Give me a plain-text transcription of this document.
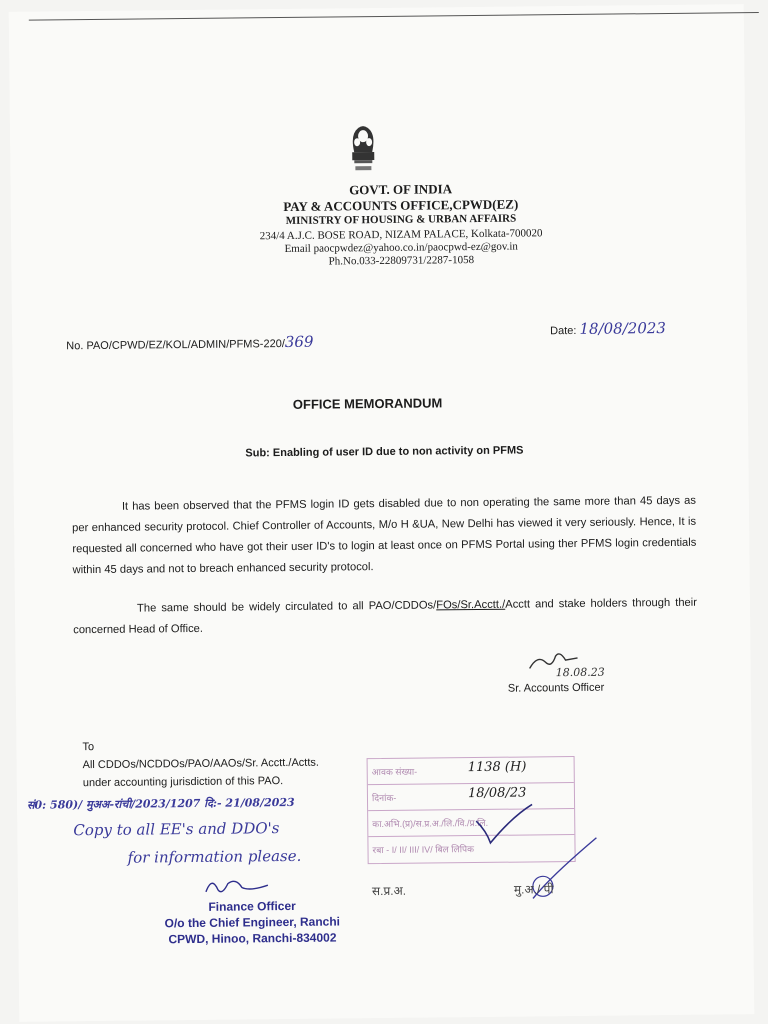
GOVT. OF INDIA
PAY & ACCOUNTS OFFICE,CPWD(EZ)
MINISTRY OF HOUSING & URBAN AFFAIRS
234/4 A.J.C. BOSE ROAD, NIZAM PALACE, Kolkata-700020
Email paocpwdez@yahoo.co.in/paocpwd-ez@gov.in
Ph.No.033-22809731/2287-1058
No. PAO/CPWD/EZ/KOL/ADMIN/PFMS-220/369
Date: 18/08/2023
OFFICE MEMORANDUM
Sub: Enabling of user ID due to non activity on PFMS
It has been observed that the PFMS login ID gets disabled due to non operating the same more than 45 days as per enhanced security protocol. Chief Controller of Accounts, M/o H &UA, New Delhi has viewed it very seriously. Hence, It is requested all concerned who have got their user ID's to login at least once on PFMS Portal using ther PFMS login credentials within 45 days and not to breach enhanced security protocol.
The same should be widely circulated to all PAO/CDDOs/FOs/Sr.Acctt./Acctt and stake holders through their concerned Head of Office.
18.08.23
Sr. Accounts Officer
To
All CDDOs/NCDDOs/PAO/AAOs/Sr. Acctt./Actts.
under accounting jurisdiction of this PAO.
सं0: 580)/ मुअअ-रांची/2023/1207 दि:- 21/08/2023
Copy to all EE's and DDO's
for information please.
आवक संख्या-	1138 (H)
दिनांक-	18/08/23
का.अभि.(प्र)/स.प्र.अ./लि./वि./प्र.लि.
रबा - I/ II/ III/ IV/ बिल लिपिक
स.प्र.अ.	मु.अ./ पी
Finance Officer
O/o the Chief Engineer, Ranchi
CPWD, Hinoo, Ranchi-834002
